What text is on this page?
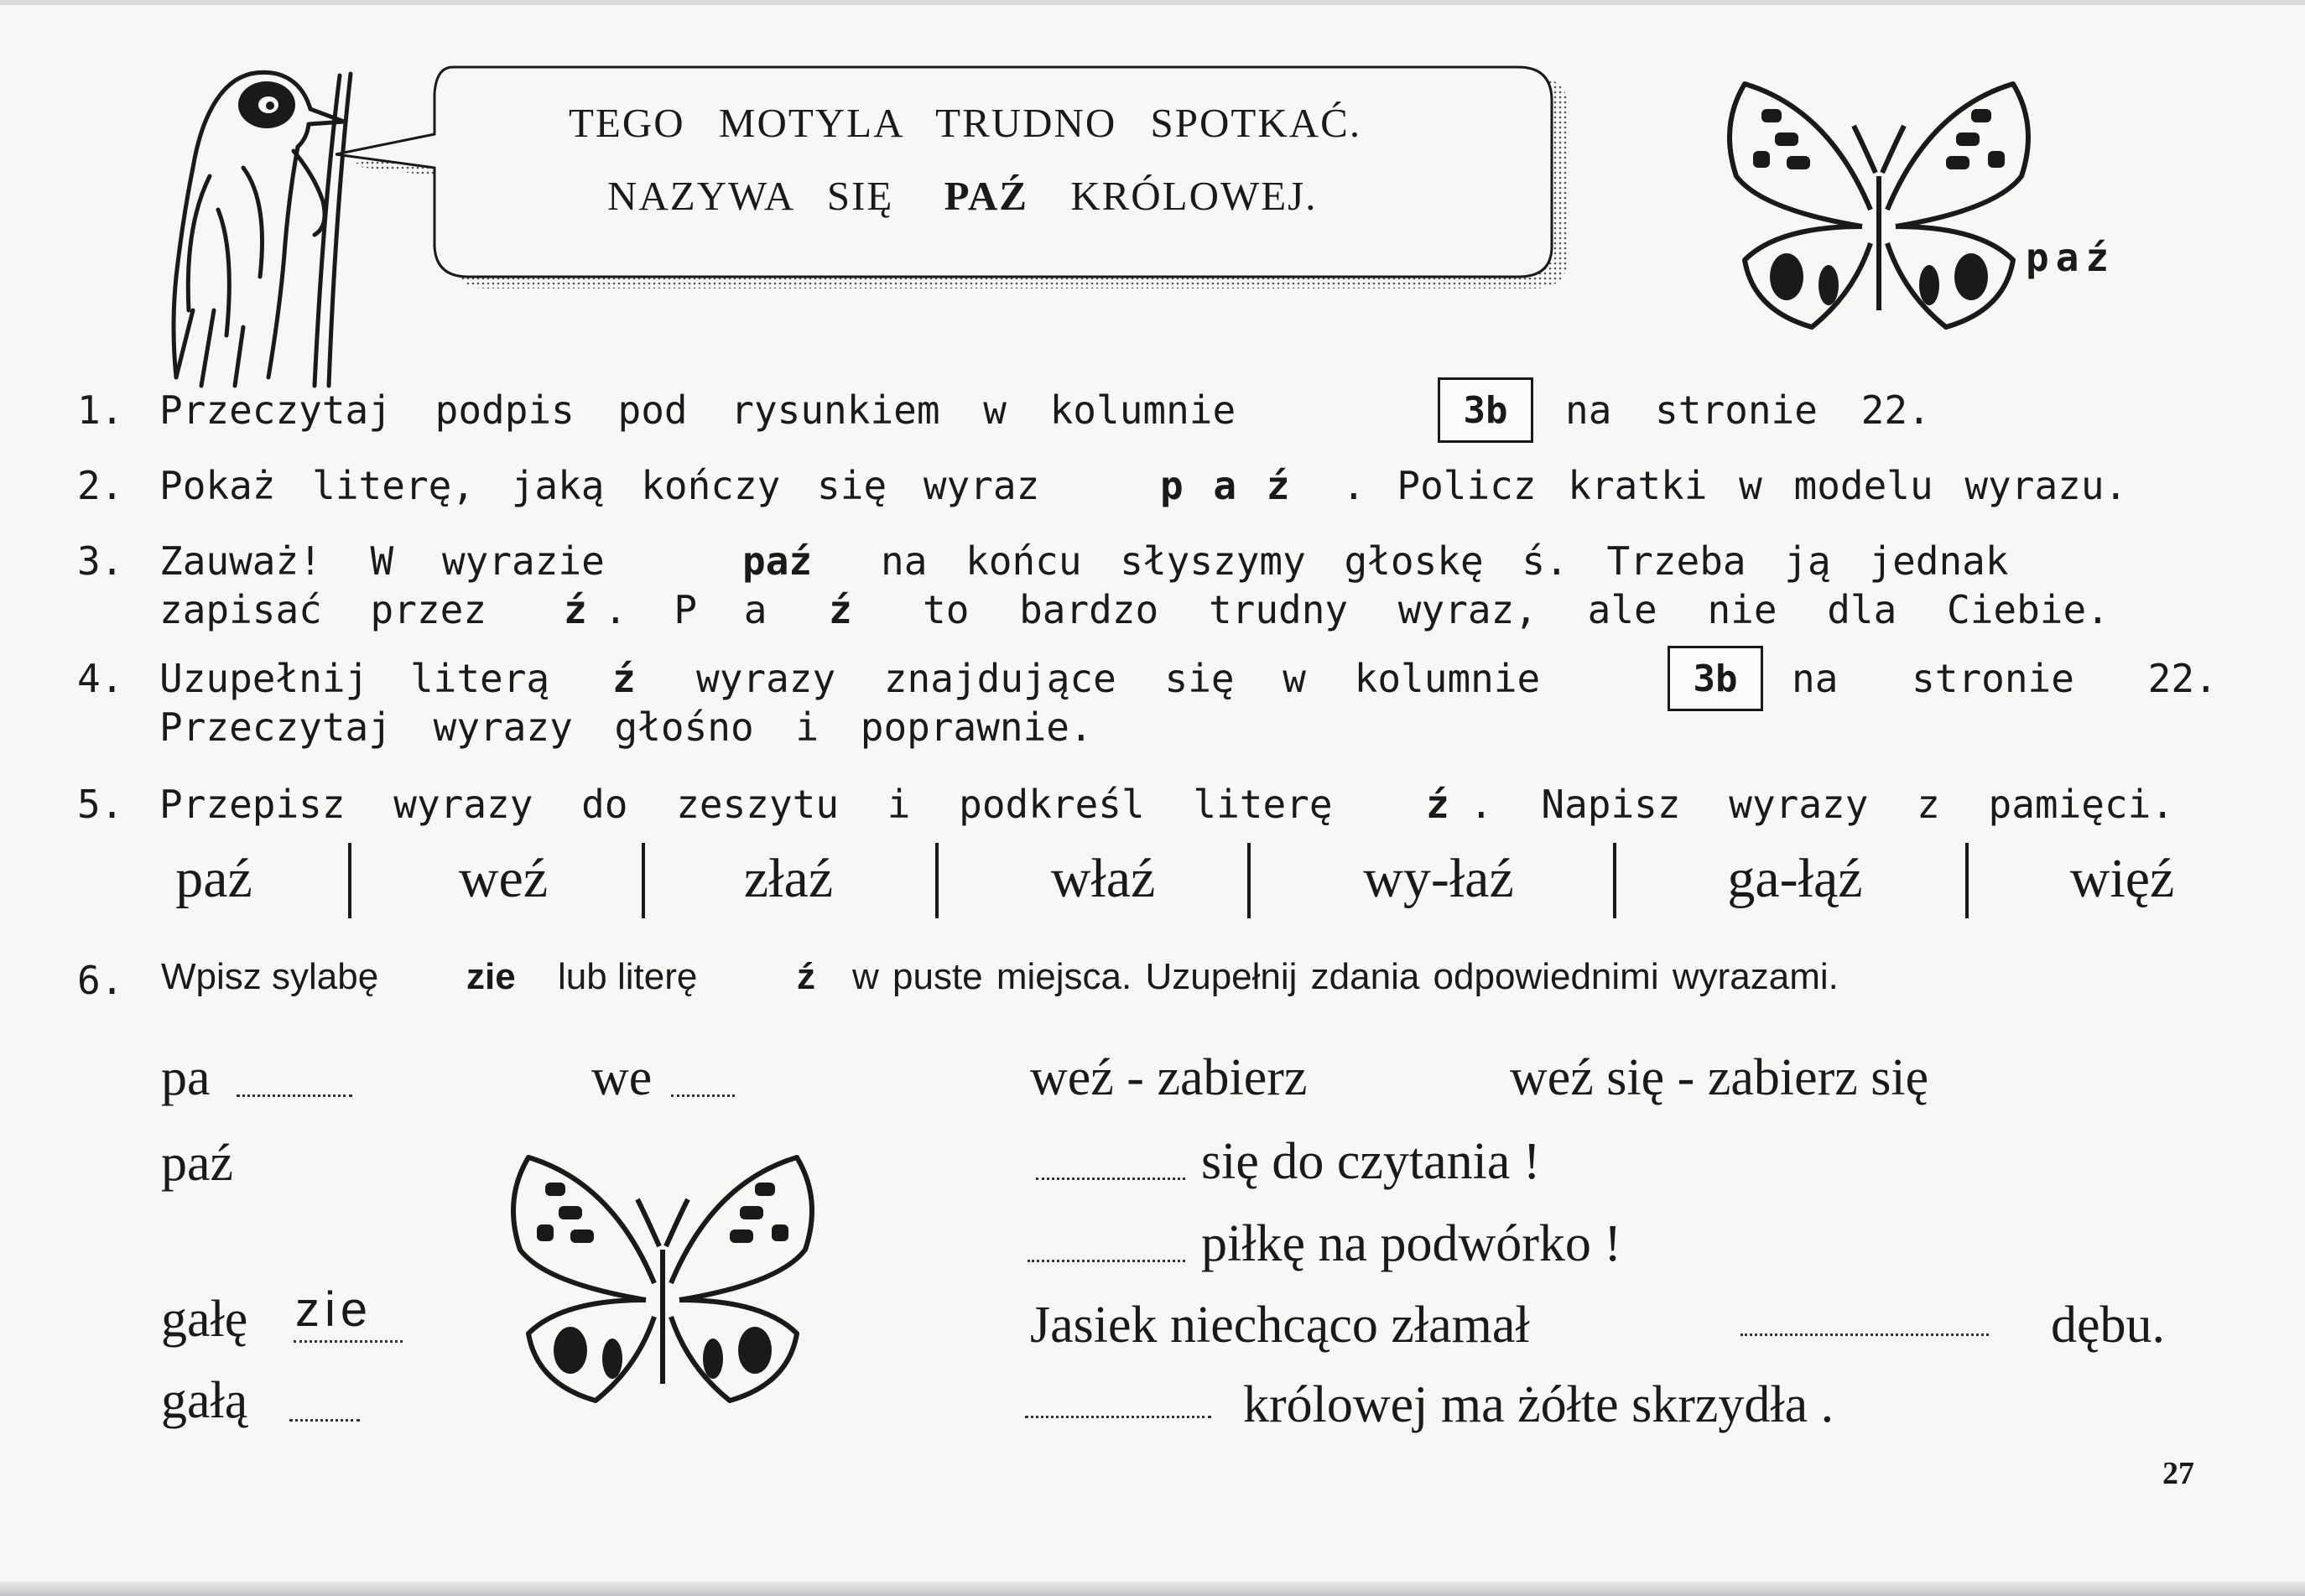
TEGO MOTYLA TRUDNO SPOTKAĆ.
NAZYWA SIĘ PAŹ KRÓLOWEJ.
paź
1. Przeczytaj podpis pod rysunkiem w kolumnie	3b	na stronie 22.
2. Pokaż literę, jaką kończy się wyraz	p a ź . Policz kratki w modelu wyrazu.
3. Zauważ! W wyrazie	paź na końcu słyszymy głoskę ś. Trzeba ją jednak
zapisać przez ź . P a ź to bardzo trudny wyraz, ale nie dla Ciebie.
4. Uzupełnij literą ź wyrazy znajdujące się w kolumnie	3b	na stronie 22.
Przeczytaj wyrazy głośno i poprawnie.
5. Przepisz wyrazy do zeszytu i podkreśl literę ź . Napisz wyrazy z pamięci.
paź	weź	złaź	właź	wy-łaź	ga-łąź	więź
6. Wpisz sylabę zie lub literę	ź w puste miejsca. Uzupełnij zdania odpowiednimi wyrazami.
pa	we
paź
gałę zie
gałą
weź - zabierz	weź się - zabierz się
się do czytania !
piłkę na podwórko !
Jasiek niechcąco złamał	dębu.
królowej ma żółte skrzydła .
27
